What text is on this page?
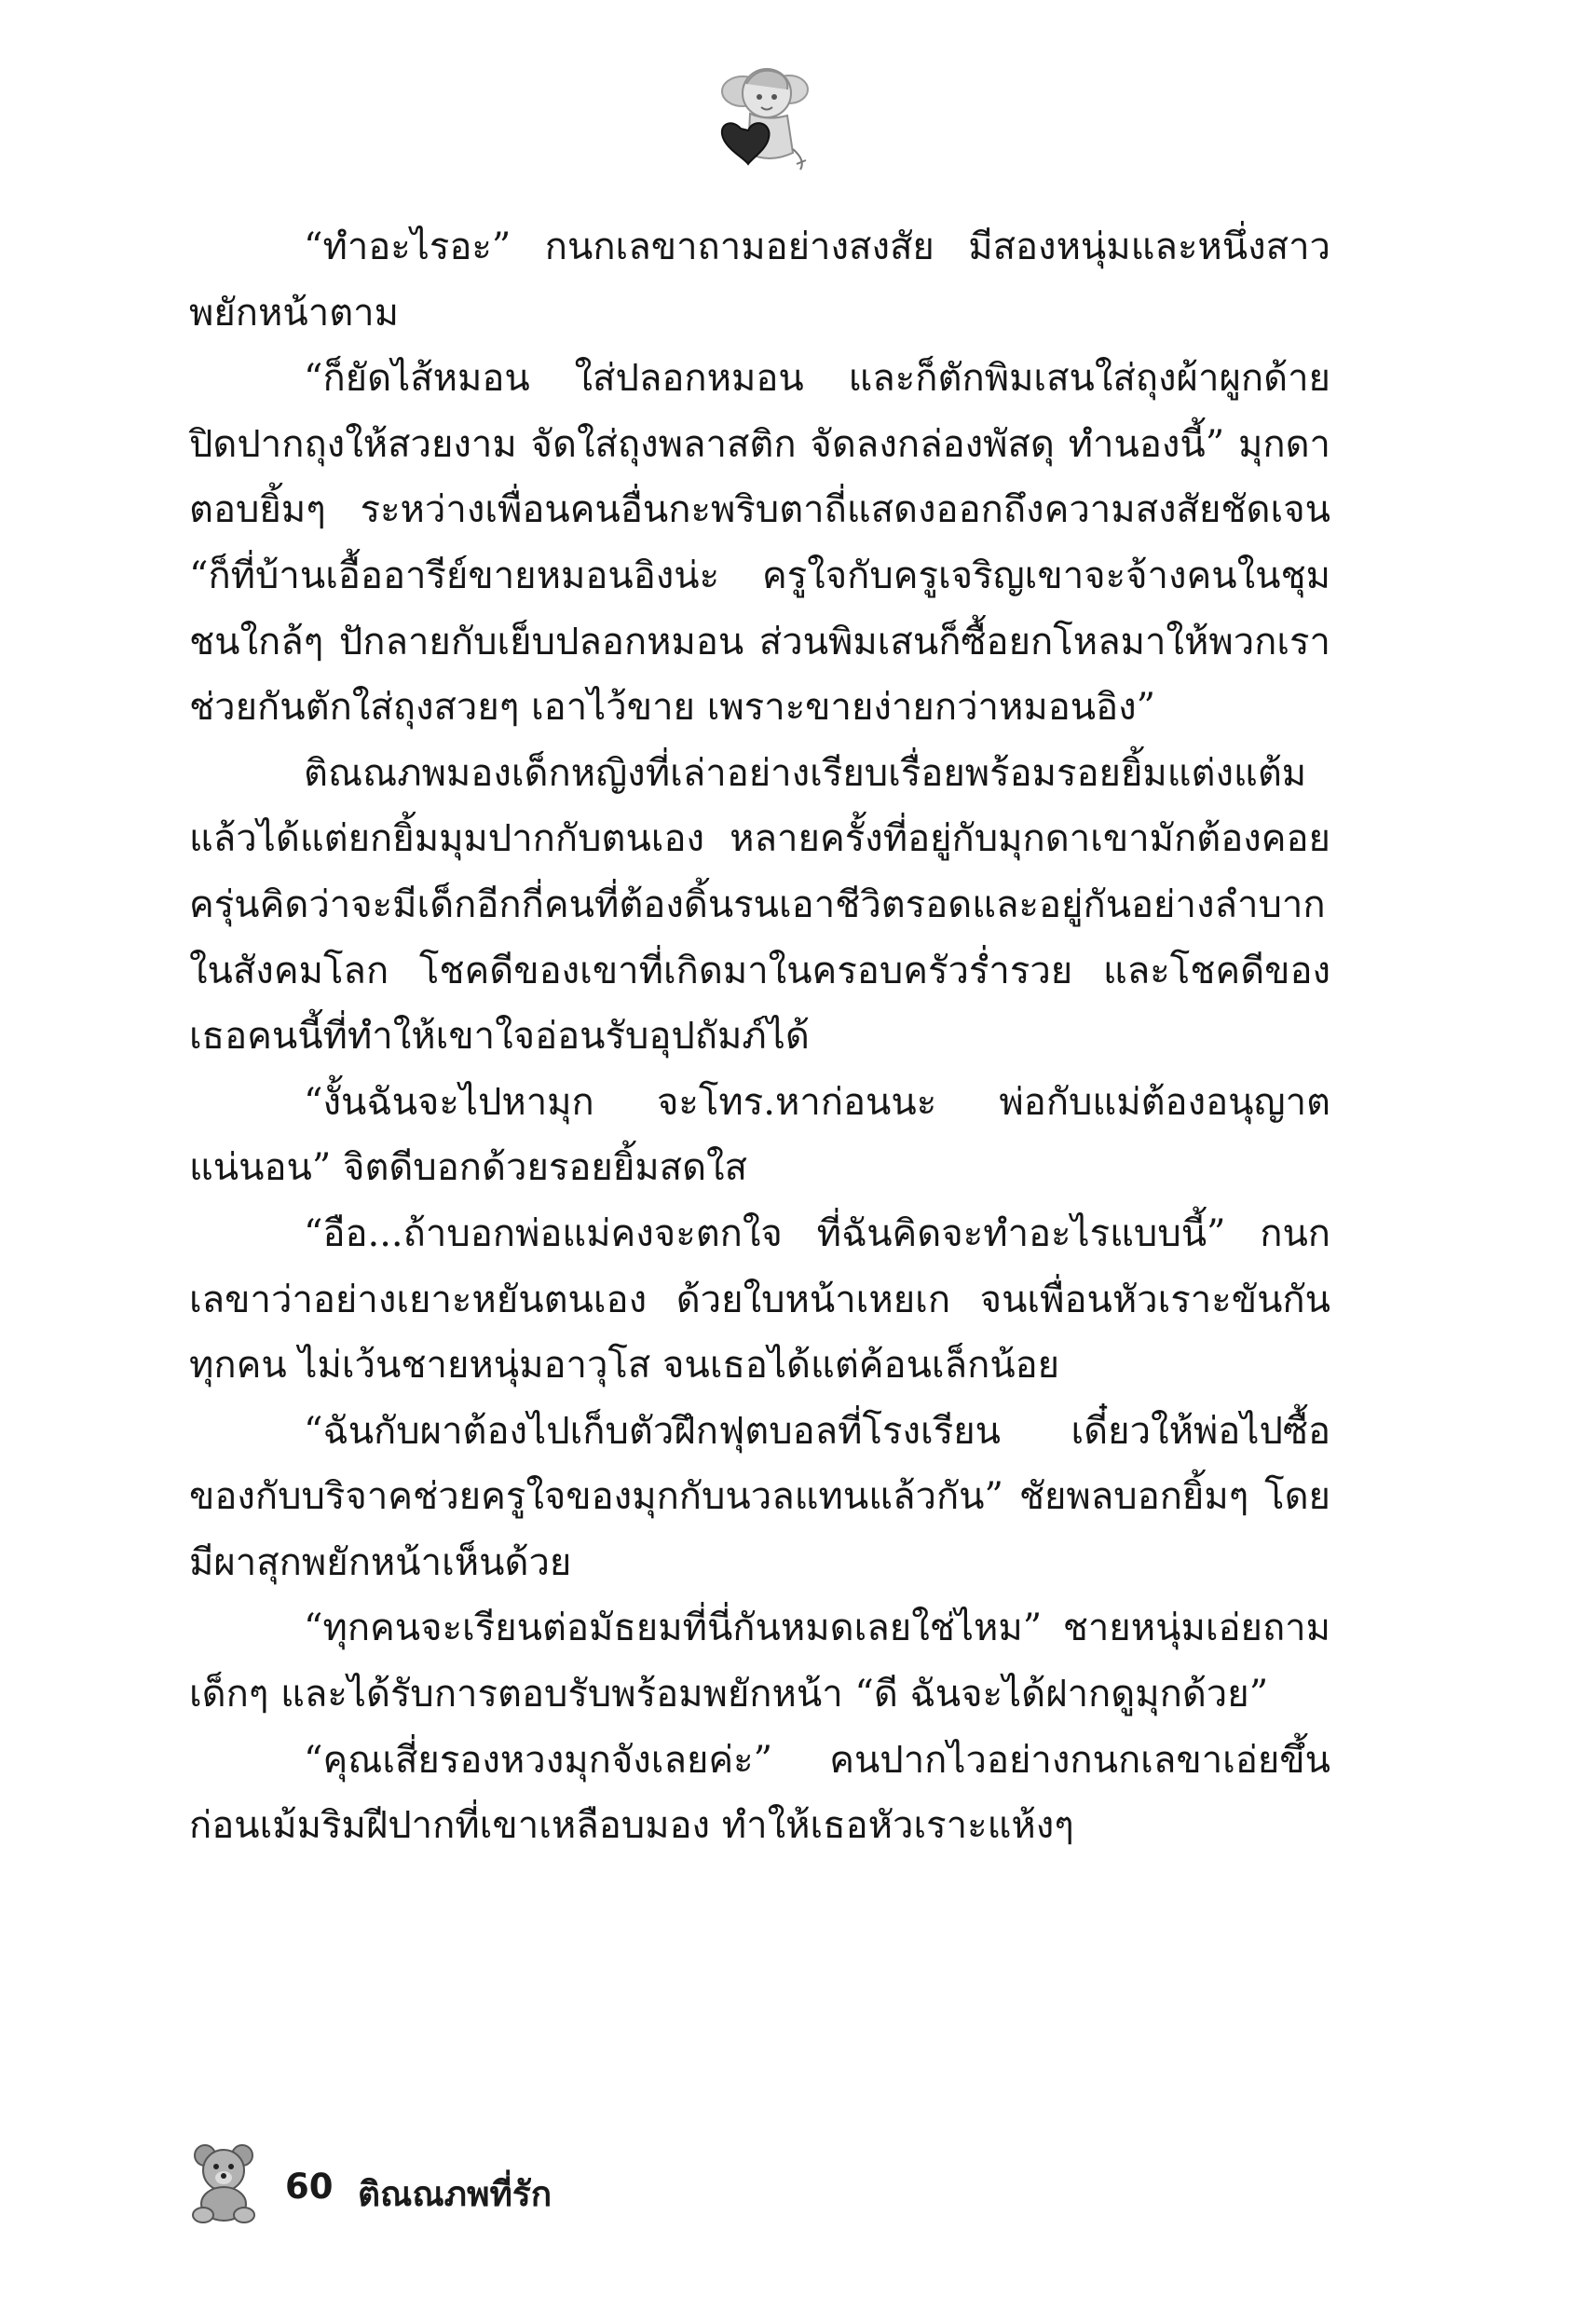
“ทำอะไรอะ” กนกเลขาถามอย่างสงสัย มีสองหนุ่มและหนึ่งสาวพยักหน้าตาม

“ก็ยัดไส้หมอน ใส่ปลอกหมอน และก็ตักพิมเสนใส่ถุงผ้าผูกด้ายปิดปากถุงให้สวยงาม จัดใส่ถุงพลาสติก จัดลงกล่องพัสดุ ทำนองนี้” มุกดาตอบยิ้มๆ ระหว่างเพื่อนคนอื่นกะพริบตาถี่แสดงออกถึงความสงสัยชัดเจน “ก็ที่บ้านเอื้ออารีย์ขายหมอนอิงน่ะ ครูใจกับครูเจริญเขาจะจ้างคนในชุมชนใกล้ๆ ปักลายกับเย็บปลอกหมอน ส่วนพิมเสนก็ซื้อยกโหลมาให้พวกเราช่วยกันตักใส่ถุงสวยๆ เอาไว้ขาย เพราะขายง่ายกว่าหมอนอิง”

ติณณภพมองเด็กหญิงที่เล่าอย่างเรียบเรื่อยพร้อมรอยยิ้มแต่งแต้มแล้วได้แต่ยกยิ้มมุมปากกับตนเอง หลายครั้งที่อยู่กับมุกดาเขามักต้องคอยครุ่นคิดว่าจะมีเด็กอีกกี่คนที่ต้องดิ้นรนเอาชีวิตรอดและอยู่กันอย่างลำบากในสังคมโลก โชคดีของเขาที่เกิดมาในครอบครัวร่ำรวย และโชคดีของเธอคนนี้ที่ทำให้เขาใจอ่อนรับอุปถัมภ์ได้

“งั้นฉันจะไปหามุก จะโทร.หาก่อนนะ พ่อกับแม่ต้องอนุญาตแน่นอน” จิตดีบอกด้วยรอยยิ้มสดใส

“อือ...ถ้าบอกพ่อแม่คงจะตกใจ ที่ฉันคิดจะทำอะไรแบบนี้” กนกเลขาว่าอย่างเยาะหยันตนเอง ด้วยใบหน้าเหยเก จนเพื่อนหัวเราะขันกันทุกคน ไม่เว้นชายหนุ่มอาวุโส จนเธอได้แต่ค้อนเล็กน้อย

“ฉันกับผาต้องไปเก็บตัวฝึกฟุตบอลที่โรงเรียน เดี๋ยวให้พ่อไปซื้อของกับบริจาคช่วยครูใจของมุกกับนวลแทนแล้วกัน” ชัยพลบอกยิ้มๆ โดยมีผาสุกพยักหน้าเห็นด้วย

“ทุกคนจะเรียนต่อมัธยมที่นี่กันหมดเลยใช่ไหม” ชายหนุ่มเอ่ยถามเด็กๆ และได้รับการตอบรับพร้อมพยักหน้า “ดี ฉันจะได้ฝากดูมุกด้วย”

“คุณเสี่ยรองหวงมุกจังเลยค่ะ” คนปากไวอย่างกนกเลขาเอ่ยขึ้นก่อนเม้มริมฝีปากที่เขาเหลือบมอง ทำให้เธอหัวเราะแห้งๆ

60 ติณณภพที่รัก
